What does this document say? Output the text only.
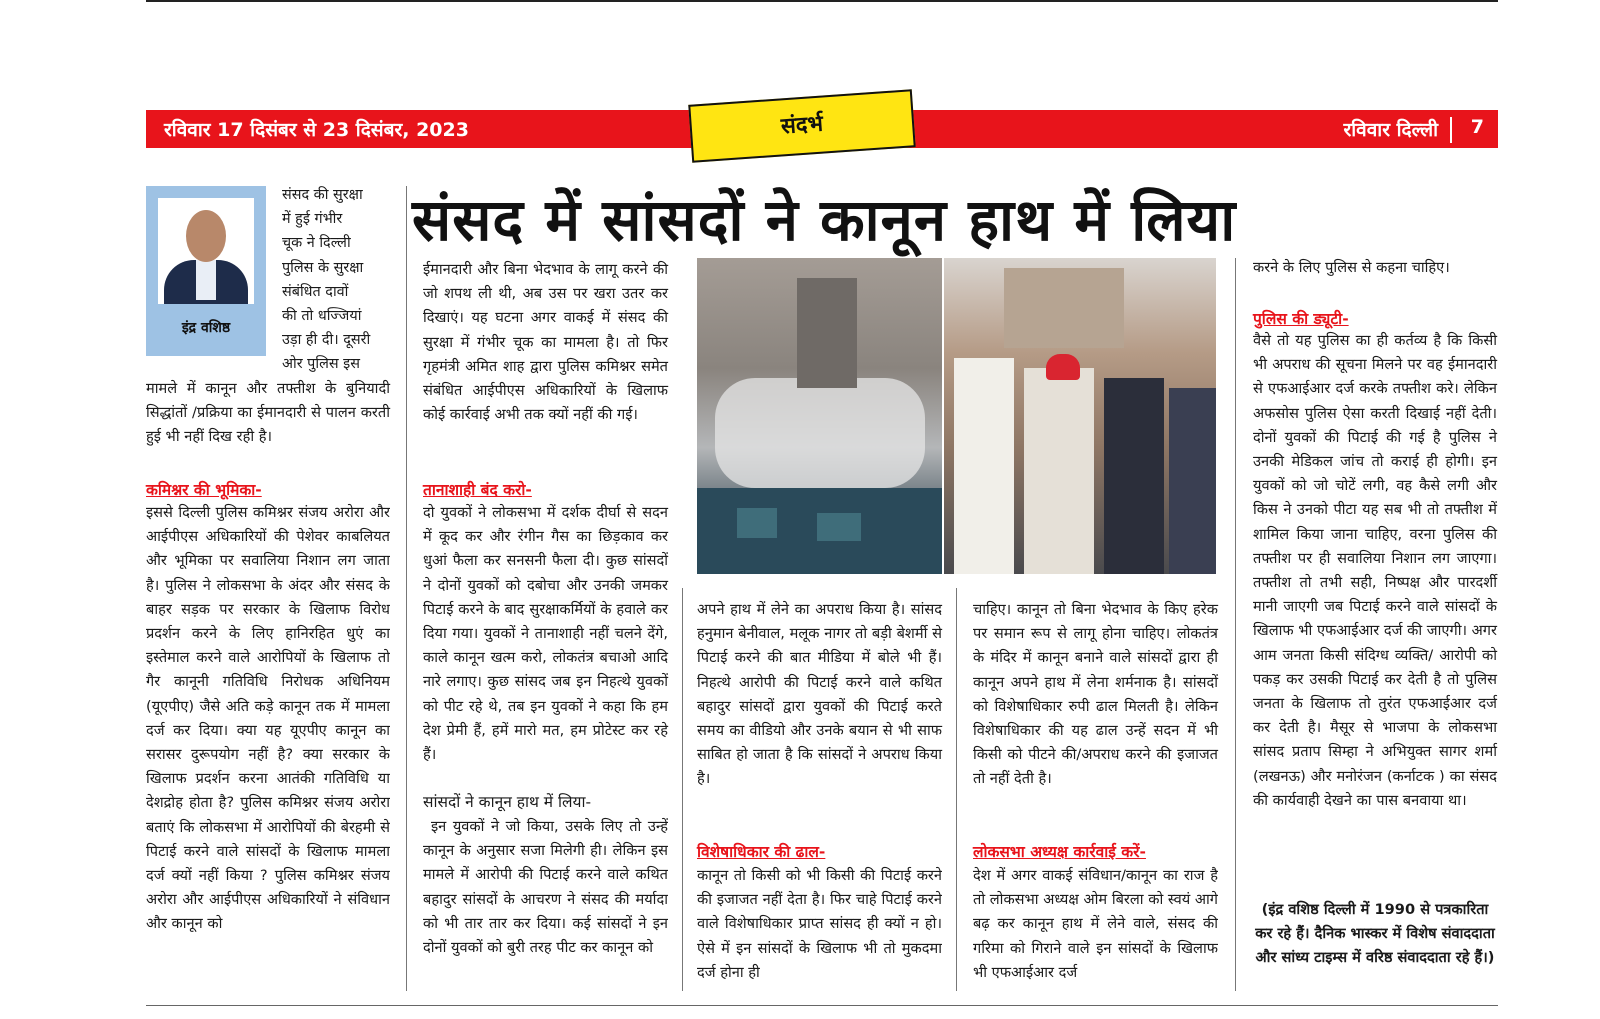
रविवार 17 दिसंबर से 23 दिसंबर, 2023	रविवार दिल्ली 7
संदर्भ
इंद्र वशिष्ठ
संसद में सांसदों ने कानून हाथ में लिया
संसद की सुरक्षा
में हुई गंभीर
चूक ने दिल्ली
पुलिस के सुरक्षा
संबंधित दावों
की तो धज्जियां
उड़ा ही दी। दूसरी
ओर पुलिस इस
मामले में कानून और तफ्तीश के बुनियादी सिद्धांतों /प्रक्रिया का ईमानदारी से पालन करती हुई भी नहीं दिख रही है।
कमिश्नर की भूमिका-
इससे दिल्ली पुलिस कमिश्नर संजय अरोरा और आईपीएस अधिकारियों की पेशेवर काबलियत और भूमिका पर सवालिया निशान लग जाता है। पुलिस ने लोकसभा के अंदर और संसद के बाहर सड़क पर सरकार के खिलाफ विरोध प्रदर्शन करने के लिए हानिरहित धुएं का इस्तेमाल करने वाले आरोपियों के खिलाफ तो गैर कानूनी गतिविधि निरोधक अधिनियम (यूएपीए) जैसे अति कड़े कानून तक में मामला दर्ज कर दिया। क्या यह यूएपीए कानून का सरासर दुरूपयोग नहीं है? क्या सरकार के खिलाफ प्रदर्शन करना आतंकी गतिविधि या देशद्रोह होता है? पुलिस कमिश्नर संजय अरोरा बताएं कि लोकसभा में आरोपियों की बेरहमी से पिटाई करने वाले सांसदों के खिलाफ मामला दर्ज क्यों नहीं किया ? पुलिस कमिश्नर संजय अरोरा और आईपीएस अधिकारियों ने संविधान और कानून को
ईमानदारी और बिना भेदभाव के लागू करने की जो शपथ ली थी, अब उस पर खरा उतर कर दिखाएं। यह घटना अगर वाकई में संसद की सुरक्षा में गंभीर चूक का मामला है। तो फिर गृहमंत्री अमित शाह द्वारा पुलिस कमिश्नर समेत संबंधित आईपीएस अधिकारियों के खिलाफ कोई कार्रवाई अभी तक क्यों नहीं की गई।
तानाशाही बंद करो-
दो युवकों ने लोकसभा में दर्शक दीर्घा से सदन में कूद कर और रंगीन गैस का छिड़काव कर धुआं फैला कर सनसनी फैला दी। कुछ सांसदों ने दोनों युवकों को दबोचा और उनकी जमकर पिटाई करने के बाद सुरक्षाकर्मियों के हवाले कर दिया गया। युवकों ने तानाशाही नहीं चलने देंगे, काले कानून खत्म करो, लोकतंत्र बचाओ आदि नारे लगाए। कुछ सांसद जब इन निहत्थे युवकों को पीट रहे थे, तब इन युवकों ने कहा कि हम देश प्रेमी हैं, हमें मारो मत, हम प्रोटेस्ट कर रहे हैं।
सांसदों ने कानून हाथ में लिया-
इन युवकों ने जो किया, उसके लिए तो उन्हें कानून के अनुसार सजा मिलेगी ही। लेकिन इस मामले में आरोपी की पिटाई करने वाले कथित बहादुर सांसदों के आचरण ने संसद की मर्यादा को भी तार तार कर दिया। कई सांसदों ने इन दोनों युवकों को बुरी तरह पीट कर कानून को
अपने हाथ में लेने का अपराध किया है। सांसद हनुमान बेनीवाल, मलूक नागर तो बड़ी बेशर्मी से पिटाई करने की बात मीडिया में बोले भी हैं। निहत्थे आरोपी की पिटाई करने वाले कथित बहादुर सांसदों द्वारा युवकों की पिटाई करते समय का वीडियो और उनके बयान से भी साफ साबित हो जाता है कि सांसदों ने अपराध किया है।
विशेषाधिकार की ढाल-
कानून तो किसी को भी किसी की पिटाई करने की इजाजत नहीं देता है। फिर चाहे पिटाई करने वाले विशेषाधिकार प्राप्त सांसद ही क्यों न हो। ऐसे में इन सांसदों के खिलाफ भी तो मुकदमा दर्ज होना ही
चाहिए। कानून तो बिना भेदभाव के किए हरेक पर समान रूप से लागू होना चाहिए। लोकतंत्र के मंदिर में कानून बनाने वाले सांसदों द्वारा ही कानून अपने हाथ में लेना शर्मनाक है। सांसदों को विशेषाधिकार रुपी ढाल मिलती है। लेकिन विशेषाधिकार की यह ढाल उन्हें सदन में भी किसी को पीटने की/अपराध करने की इजाजत तो नहीं देती है।
लोकसभा अध्यक्ष कार्रवाई करें-
देश में अगर वाकई संविधान/कानून का राज है तो लोकसभा अध्यक्ष ओम बिरला को स्वयं आगे बढ़ कर कानून हाथ में लेने वाले, संसद की गरिमा को गिराने वाले इन सांसदों के खिलाफ भी एफआईआर दर्ज
करने के लिए पुलिस से कहना चाहिए।
पुलिस की ड्यूटी-
वैसे तो यह पुलिस का ही कर्तव्य है कि किसी भी अपराध की सूचना मिलने पर वह ईमानदारी से एफआईआर दर्ज करके तफ्तीश करे। लेकिन अफसोस पुलिस ऐसा करती दिखाई नहीं देती। दोनों युवकों की पिटाई की गई है पुलिस ने उनकी मेडिकल जांच तो कराई ही होगी। इन युवकों को जो चोटें लगी, वह कैसे लगी और किस ने उनको पीटा यह सब भी तो तफ्तीश में शामिल किया जाना चाहिए, वरना पुलिस की तफ्तीश पर ही सवालिया निशान लग जाएगा। तफ्तीश तो तभी सही, निष्पक्ष और पारदर्शी मानी जाएगी जब पिटाई करने वाले सांसदों के खिलाफ भी एफआईआर दर्ज की जाएगी। अगर आम जनता किसी संदिग्ध व्यक्ति/ आरोपी को पकड़ कर उसकी पिटाई कर देती है तो पुलिस जनता के खिलाफ तो तुरंत एफआईआर दर्ज कर देती है। मैसूर से भाजपा के लोकसभा सांसद प्रताप सिम्हा ने अभियुक्त सागर शर्मा (लखनऊ) और मनोरंजन (कर्नाटक ) का संसद की कार्यवाही देखने का पास बनवाया था।
(इंद्र वशिष्ठ दिल्ली में 1990 से पत्रकारिता कर रहे हैं। दैनिक भास्कर में विशेष संवाददाता और सांध्य टाइम्स में वरिष्ठ संवाददाता रहे हैं।)
